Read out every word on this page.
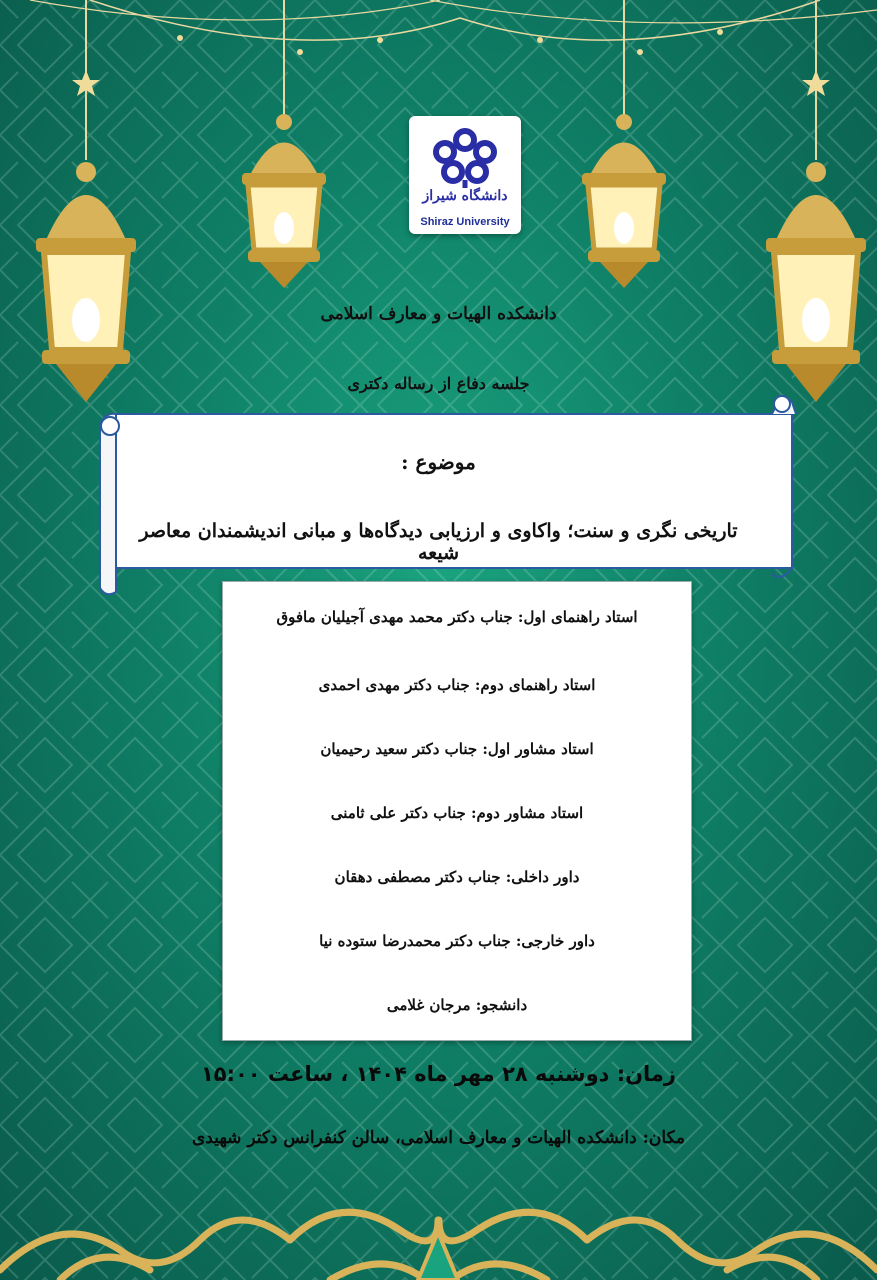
دانشگاه شیراز
Shiraz University
دانشکده الهیات و معارف اسلامی
جلسه دفاع از رساله دکتری
موضوع :
تاریخی نگری و سنت؛ واکاوی و ارزیابی دیدگاه‌ها و مبانی اندیشمندان معاصر شیعه
استاد راهنمای اول: جناب دکتر محمد مهدی آجیلیان مافوق
استاد راهنمای دوم: جناب دکتر مهدی احمدی
استاد مشاور اول: جناب دکتر سعید رحیمیان
استاد مشاور دوم: جناب دکتر علی ثامنی
داور داخلی: جناب دکتر مصطفی دهقان
داور خارجی: جناب دکتر محمدرضا ستوده نیا
دانشجو: مرجان غلامی
زمان: دوشنبه ۲۸ مهر ماه ۱۴۰۴ ، ساعت ۱۵:۰۰
مکان: دانشکده الهیات و معارف اسلامی، سالن کنفرانس دکتر شهیدی
